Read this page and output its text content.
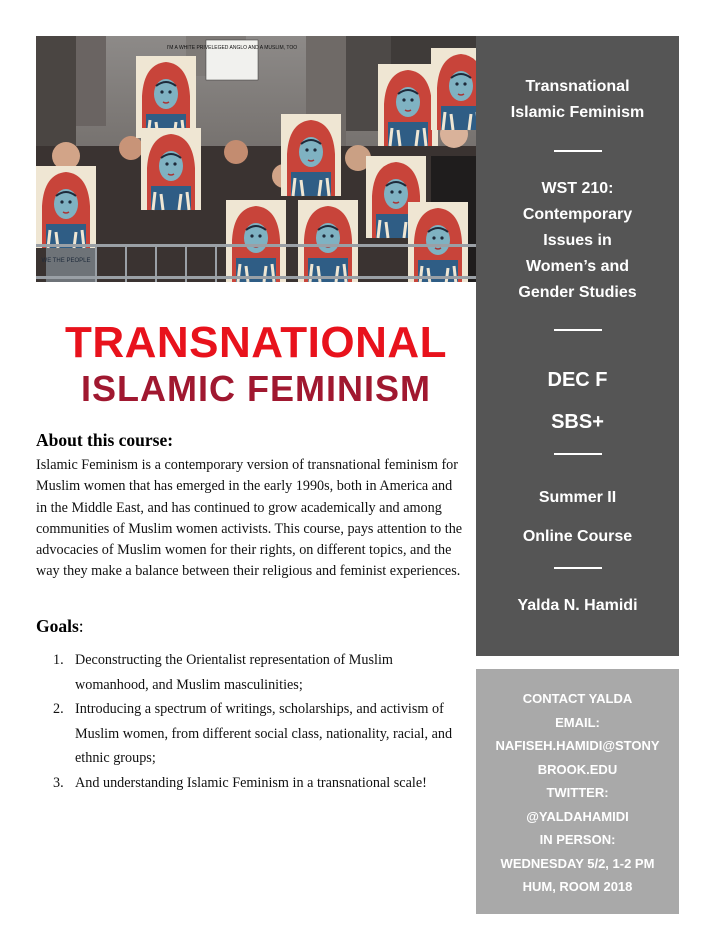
I'M A WHITE PRIVELEGED ANGLO AND A MUSLIM, TOO
WE THE PEOPLE
TRANSNATIONAL
ISLAMIC FEMINISM
About this course:

Islamic Feminism is a contemporary version of transnational feminism for Muslim women that has emerged in the early 1990s, both in America and in the Middle East, and has continued to grow academically and among communities of Muslim women activists. This course, pays attention to the advocacies of Muslim women for their rights, on different topics, and the way they make a balance between their religious and feminist experiences.

Goals:
1. Deconstructing the Orientalist representation of Muslim womanhood, and Muslim masculinities;
2. Introducing a spectrum of writings, scholarships, and activism of Muslim women, from different social class, nationality, racial, and ethnic groups;
3. And understanding Islamic Feminism in a transnational scale!
Transnational
Islamic Feminism
WST 210:
Contemporary
Issues in
Women’s and
Gender Studies
DEC F
SBS+
Summer II
Online Course
Yalda N. Hamidi
CONTACT YALDA
EMAIL:
NAFISEH.HAMIDI@STONY
BROOK.EDU
TWITTER:
@YALDAHAMIDI
IN PERSON:
WEDNESDAY 5/2, 1-2 PM
HUM, ROOM 2018
